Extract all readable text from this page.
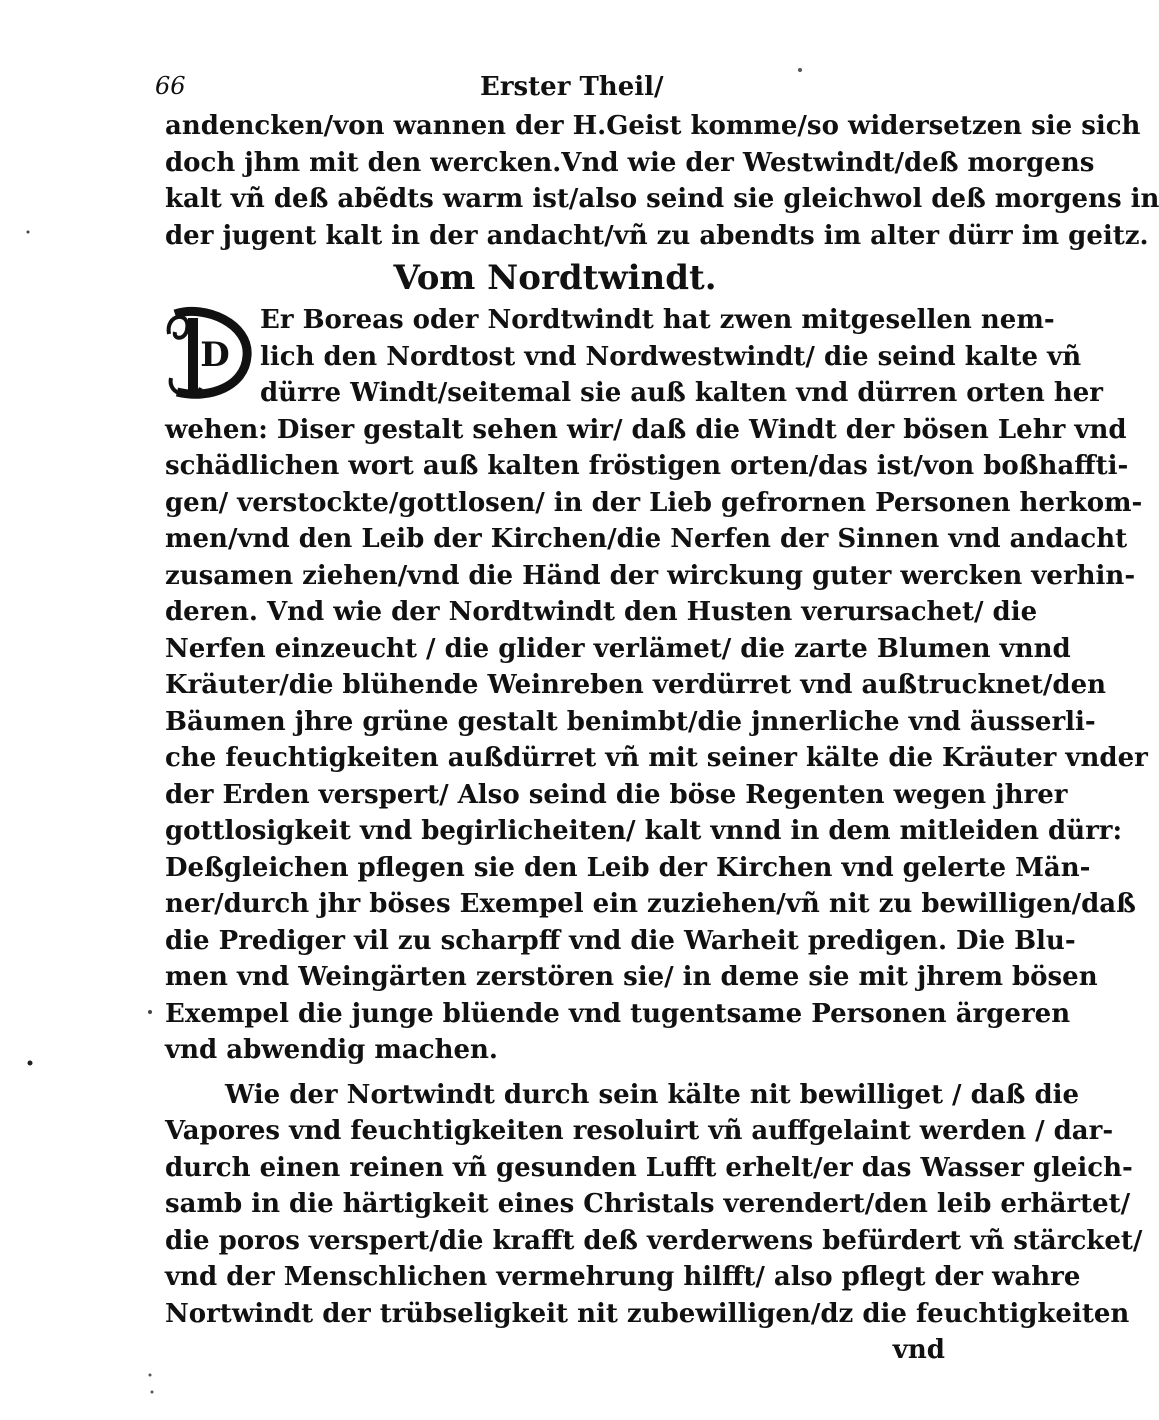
66	Erster Theil/
andencken/von wannen der H.Geist komme/so widersetzen sie sich
doch jhm mit den wercken.Vnd wie der Westwindt/deß morgens
kalt vñ deß abẽdts warm ist/also seind sie gleichwol deß morgens in
der jugent kalt in der andacht/vñ zu abendts im alter dürr im geitz.
Vom Nordtwindt.
D
Er Boreas oder Nordtwindt hat zwen mitgesellen nem-
lich den Nordtost vnd Nordwestwindt/ die seind kalte vñ
dürre Windt/seitemal sie auß kalten vnd dürren orten her
wehen: Diser gestalt sehen wir/ daß die Windt der bösen Lehr vnd
schädlichen wort auß kalten fröstigen orten/das ist/von boßhaffti-
gen/ verstockte/gottlosen/ in der Lieb gefrornen Personen herkom-
men/vnd den Leib der Kirchen/die Nerfen der Sinnen vnd andacht
zusamen ziehen/vnd die Händ der wirckung guter wercken verhin-
deren. Vnd wie der Nordtwindt den Husten verursachet/ die
Nerfen einzeucht / die glider verlämet/ die zarte Blumen vnnd
Kräuter/die blühende Weinreben verdürret vnd außtrucknet/den
Bäumen jhre grüne gestalt benimbt/die jnnerliche vnd äusserli-
che feuchtigkeiten außdürret vñ mit seiner kälte die Kräuter vnder
der Erden verspert/ Also seind die böse Regenten wegen jhrer
gottlosigkeit vnd begirlicheiten/ kalt vnnd in dem mitleiden dürr:
Deßgleichen pflegen sie den Leib der Kirchen vnd gelerte Män-
ner/durch jhr böses Exempel ein zuziehen/vñ nit zu bewilligen/daß
die Prediger vil zu scharpff vnd die Warheit predigen. Die Blu-
men vnd Weingärten zerstören sie/ in deme sie mit jhrem bösen
Exempel die junge blüende vnd tugentsame Personen ärgeren
vnd abwendig machen.
Wie der Nortwindt durch sein kälte nit bewilliget / daß die
Vapores vnd feuchtigkeiten resoluirt vñ auffgelaint werden / dar-
durch einen reinen vñ gesunden Lufft erhelt/er das Wasser gleich-
samb in die härtigkeit eines Christals verendert/den leib erhärtet/
die poros verspert/die krafft deß verderwens befürdert vñ stärcket/
vnd der Menschlichen vermehrung hilfft/ also pflegt der wahre
Nortwindt der trübseligkeit nit zubewilligen/dz die feuchtigkeiten
vnd
